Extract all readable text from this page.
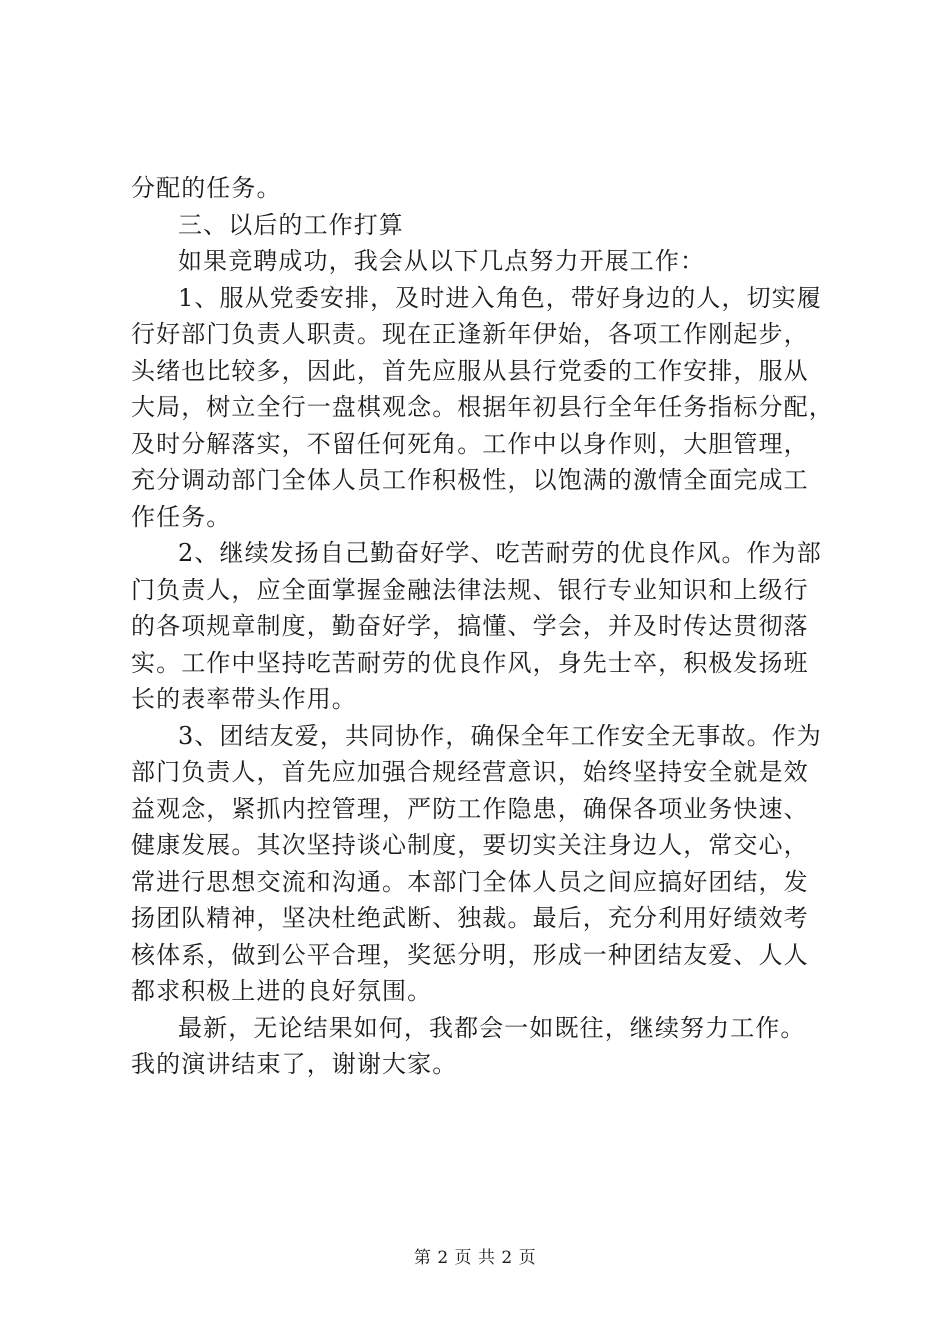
分配的任务。
三、以后的工作打算
如果竞聘成功，我会从以下几点努力开展工作：
1、服从党委安排，及时进入角色，带好身边的人，切实履
行好部门负责人职责。现在正逢新年伊始，各项工作刚起步，
头绪也比较多，因此，首先应服从县行党委的工作安排，服从
大局，树立全行一盘棋观念。根据年初县行全年任务指标分配，
及时分解落实，不留任何死角。工作中以身作则，大胆管理，
充分调动部门全体人员工作积极性，以饱满的激情全面完成工
作任务。
2、继续发扬自己勤奋好学、吃苦耐劳的优良作风。作为部
门负责人，应全面掌握金融法律法规、银行专业知识和上级行
的各项规章制度，勤奋好学，搞懂、学会，并及时传达贯彻落
实。工作中坚持吃苦耐劳的优良作风，身先士卒，积极发扬班
长的表率带头作用。
3、团结友爱，共同协作，确保全年工作安全无事故。作为
部门负责人，首先应加强合规经营意识，始终坚持安全就是效
益观念，紧抓内控管理，严防工作隐患，确保各项业务快速、
健康发展。其次坚持谈心制度，要切实关注身边人，常交心，
常进行思想交流和沟通。本部门全体人员之间应搞好团结，发
扬团队精神，坚决杜绝武断、独裁。最后，充分利用好绩效考
核体系，做到公平合理，奖惩分明，形成一种团结友爱、人人
都求积极上进的良好氛围。
最新，无论结果如何，我都会一如既往，继续努力工作。
我的演讲结束了，谢谢大家。
第 2 页 共 2 页
